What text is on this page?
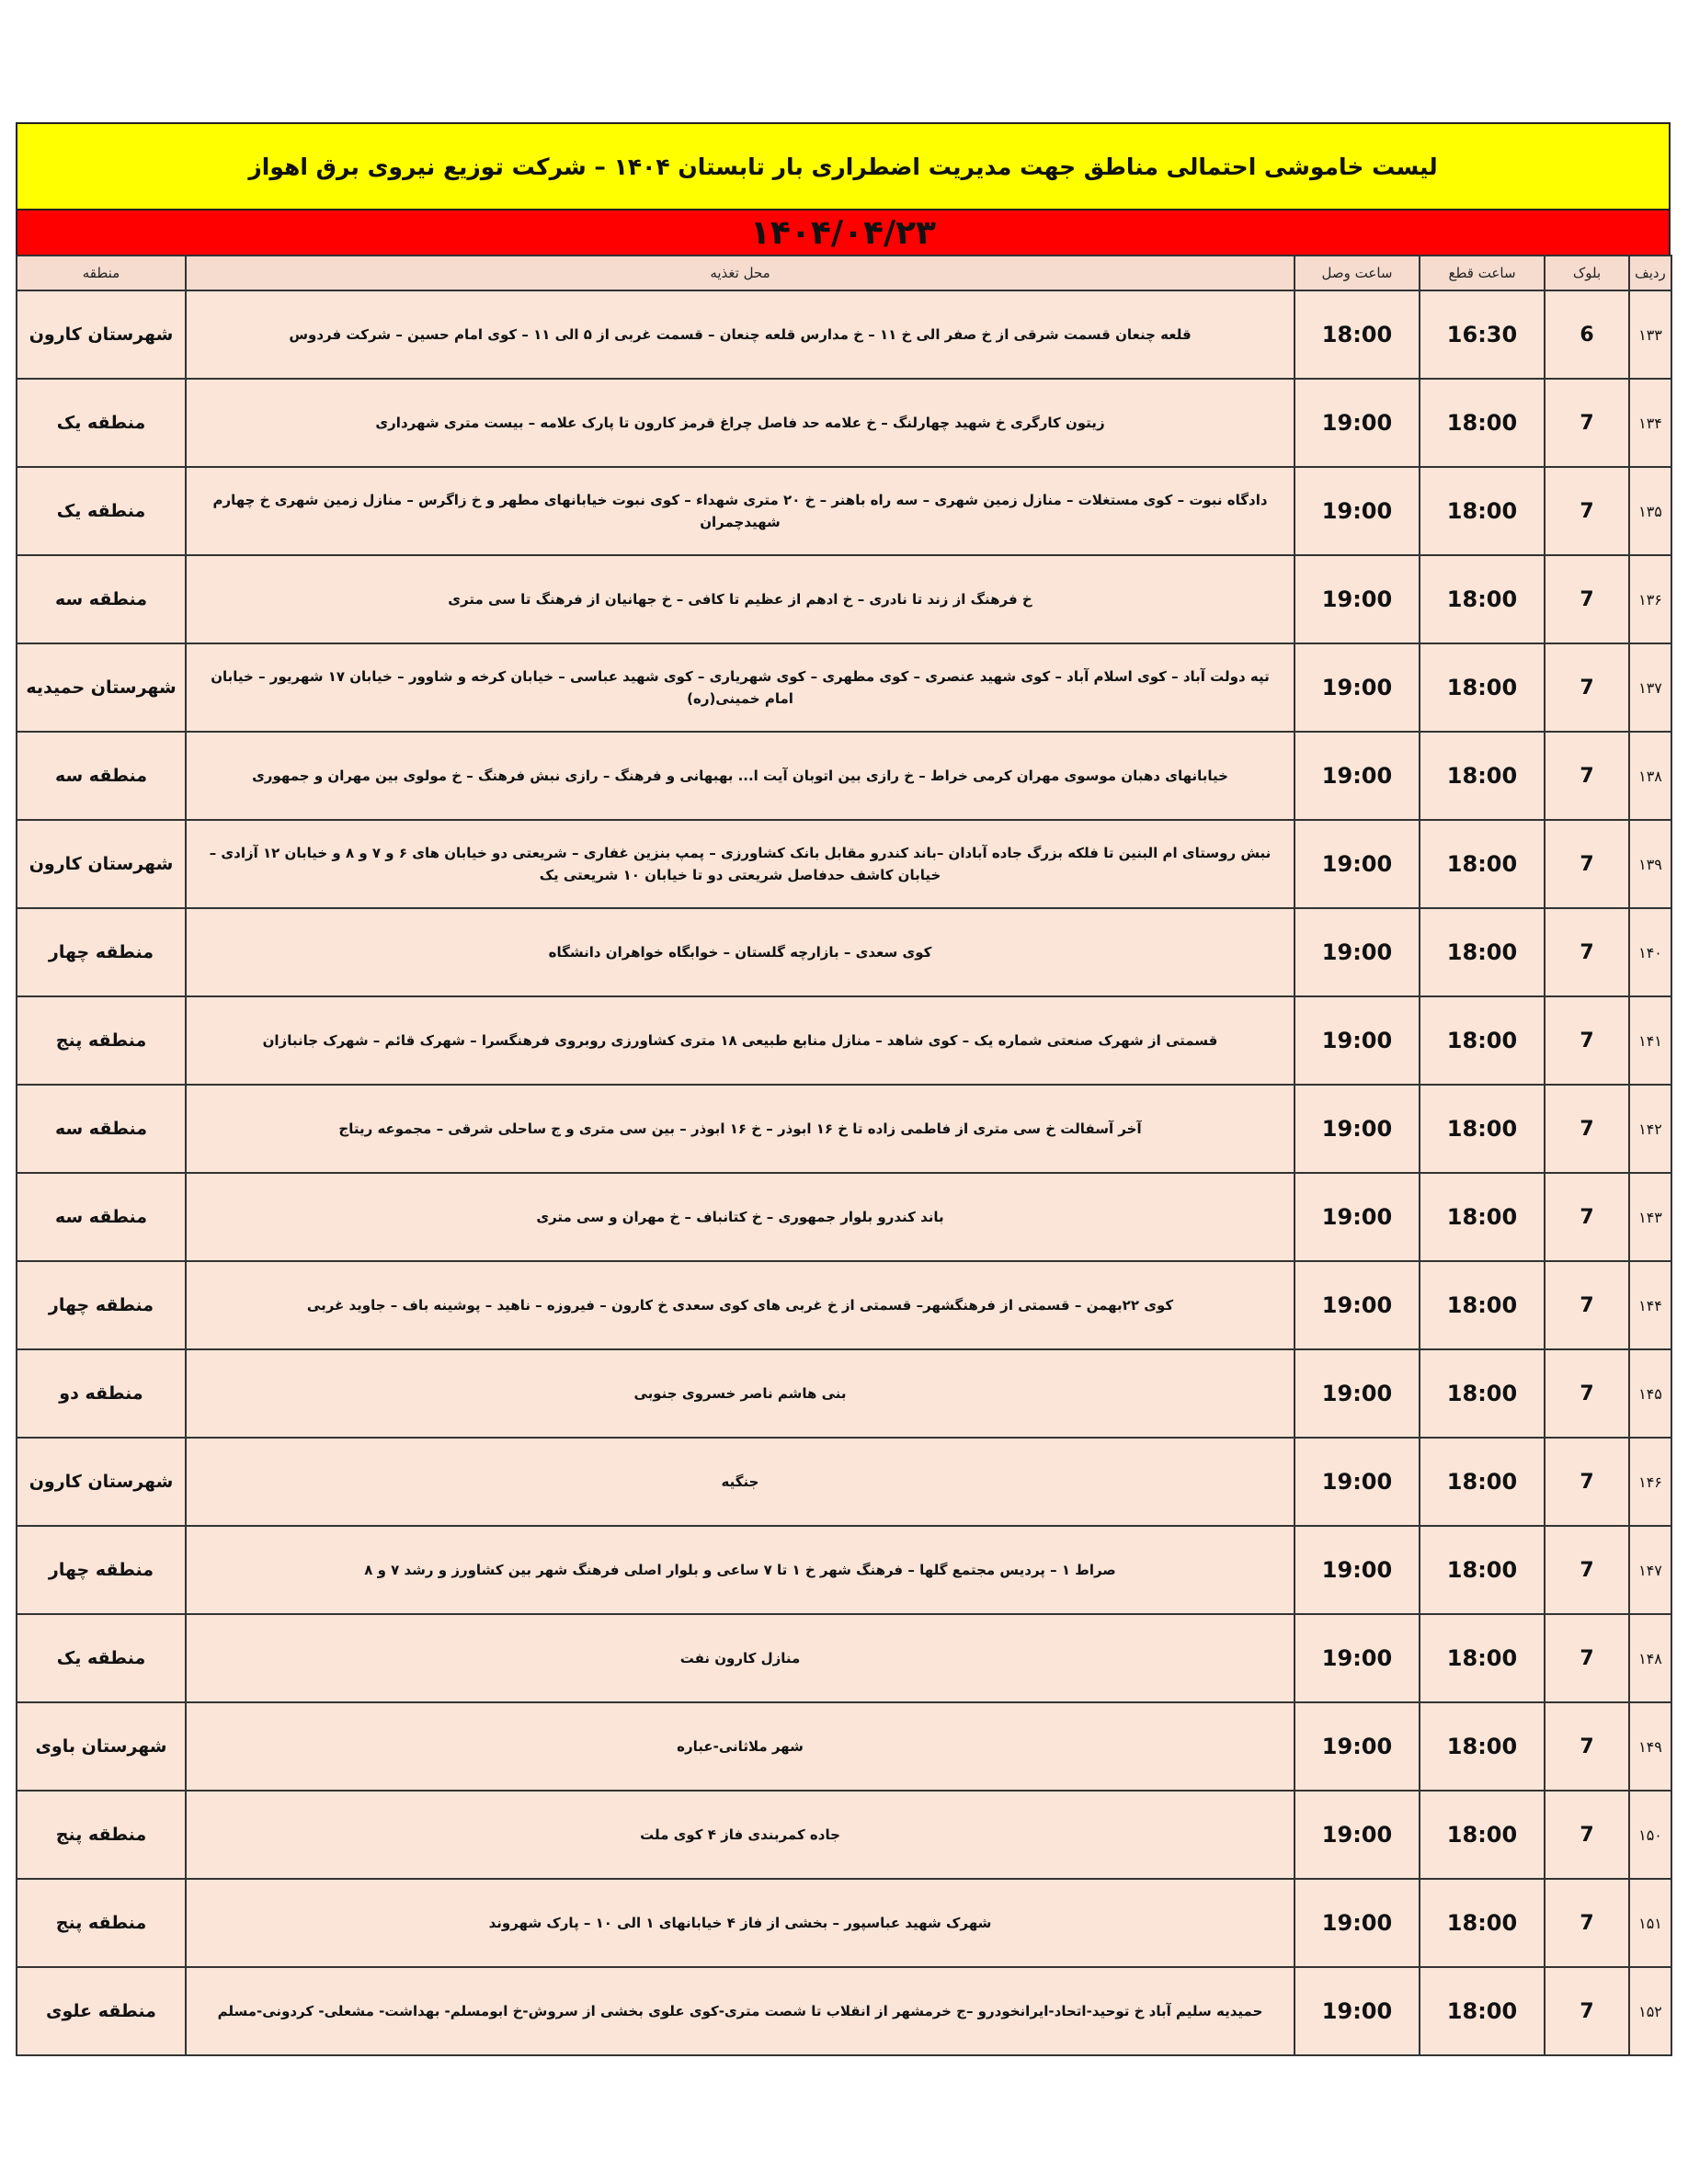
لیست خاموشی احتمالی مناطق جهت مدیریت اضطراری بار تابستان ۱۴۰۴ – شرکت توزیع نیروی برق اهواز
۱۴۰۴/۰۴/۲۳
ردیف	بلوک	ساعت قطع	ساعت وصل	محل تغذیه	منطقه
۱۳۳	6	16:30	18:00	قلعه چنعان قسمت شرقی از خ صفر الی خ ۱۱ – خ مدارس قلعه چنعان – قسمت غربی از ۵ الی ۱۱ – کوی امام حسین – شرکت فردوس	شهرستان کارون
۱۳۴	7	18:00	19:00	زیتون کارگری خ شهید چهارلنگ – خ علامه حد فاصل چراغ قرمز کارون تا پارک علامه – بیست متری شهرداری	منطقه یک
۱۳۵	7	18:00	19:00	دادگاه نبوت – کوی مستغلات – منازل زمین شهری – سه راه باهنر – خ ۲۰ متری شهداء – کوی نبوت خیابانهای مطهر و خ زاگرس – منازل زمین شهری خ چهارم شهیدچمران	منطقه یک
۱۳۶	7	18:00	19:00	خ فرهنگ از زند تا نادری – خ ادهم از عظیم تا کافی – خ جهانیان از فرهنگ تا سی متری	منطقه سه
۱۳۷	7	18:00	19:00	تپه دولت آباد – کوی اسلام آباد – کوی شهید عنصری – کوی مطهری – کوی شهریاری – کوی شهید عباسی – خیابان کرخه و شاوور – خیابان ۱۷ شهریور – خیابان امام خمینی(ره)	شهرستان حمیدیه
۱۳۸	7	18:00	19:00	خیابانهای دهبان موسوی مهران کرمی خراط – خ رازی بین اتوبان آیت ا... بهبهانی و فرهنگ – رازی نبش فرهنگ – خ مولوی بین مهران و جمهوری	منطقه سه
۱۳۹	7	18:00	19:00	نبش روستای ام البنین تا فلکه بزرگ جاده آبادان –باند کندرو مقابل بانک کشاورزی – پمپ بنزین غفاری – شریعتی دو خیابان های ۶ و ۷ و ۸ و خیابان ۱۲ آزادی – خیابان کاشف حدفاصل شریعتی دو تا خیابان ۱۰ شریعتی یک	شهرستان کارون
۱۴۰	7	18:00	19:00	کوی سعدی – بازارچه گلستان – خوابگاه خواهران دانشگاه	منطقه چهار
۱۴۱	7	18:00	19:00	قسمتی از شهرک صنعتی شماره یک – کوی شاهد – منازل منابع طبیعی ۱۸ متری کشاورزی روبروی فرهنگسرا – شهرک قائم – شهرک جانبازان	منطقه پنج
۱۴۲	7	18:00	19:00	آخر آسفالت خ سی متری از فاطمی زاده تا خ ۱۶ ابوذر – خ ۱۶ ابوذر – بین سی متری و ج ساحلی شرقی – مجموعه ریتاج	منطقه سه
۱۴۳	7	18:00	19:00	باند کندرو بلوار جمهوری – خ کتانباف – خ مهران و سی متری	منطقه سه
۱۴۴	7	18:00	19:00	کوی ۲۲بهمن – قسمتی از فرهنگشهر– قسمتی از خ غربی های کوی سعدی خ کارون – فیروزه – ناهید – پوشینه باف – جاوید غربی	منطقه چهار
۱۴۵	7	18:00	19:00	بنی هاشم ناصر خسروی جنوبی	منطقه دو
۱۴۶	7	18:00	19:00	جنگیه	شهرستان کارون
۱۴۷	7	18:00	19:00	صراط ۱ – پردیس مجتمع گلها – فرهنگ شهر خ ۱ تا ۷ ساعی و بلوار اصلی فرهنگ شهر بین کشاورز و رشد ۷ و ۸	منطقه چهار
۱۴۸	7	18:00	19:00	منازل کارون نفت	منطقه یک
۱۴۹	7	18:00	19:00	شهر ملاثانی-عباره	شهرستان باوی
۱۵۰	7	18:00	19:00	جاده کمربندی فاز ۴ کوی ملت	منطقه پنج
۱۵۱	7	18:00	19:00	شهرک شهید عباسپور – بخشی از فاز ۴ خیابانهای ۱ الی ۱۰ – پارک شهروند	منطقه پنج
۱۵۲	7	18:00	19:00	حمیدیه سلیم آباد خ توحید-اتحاد-ایرانخودرو –ج خرمشهر از انقلاب تا شصت متری-کوی علوی بخشی از سروش-خ ابومسلم- بهداشت- مشعلی- کردونی-مسلم	منطقه علوی
